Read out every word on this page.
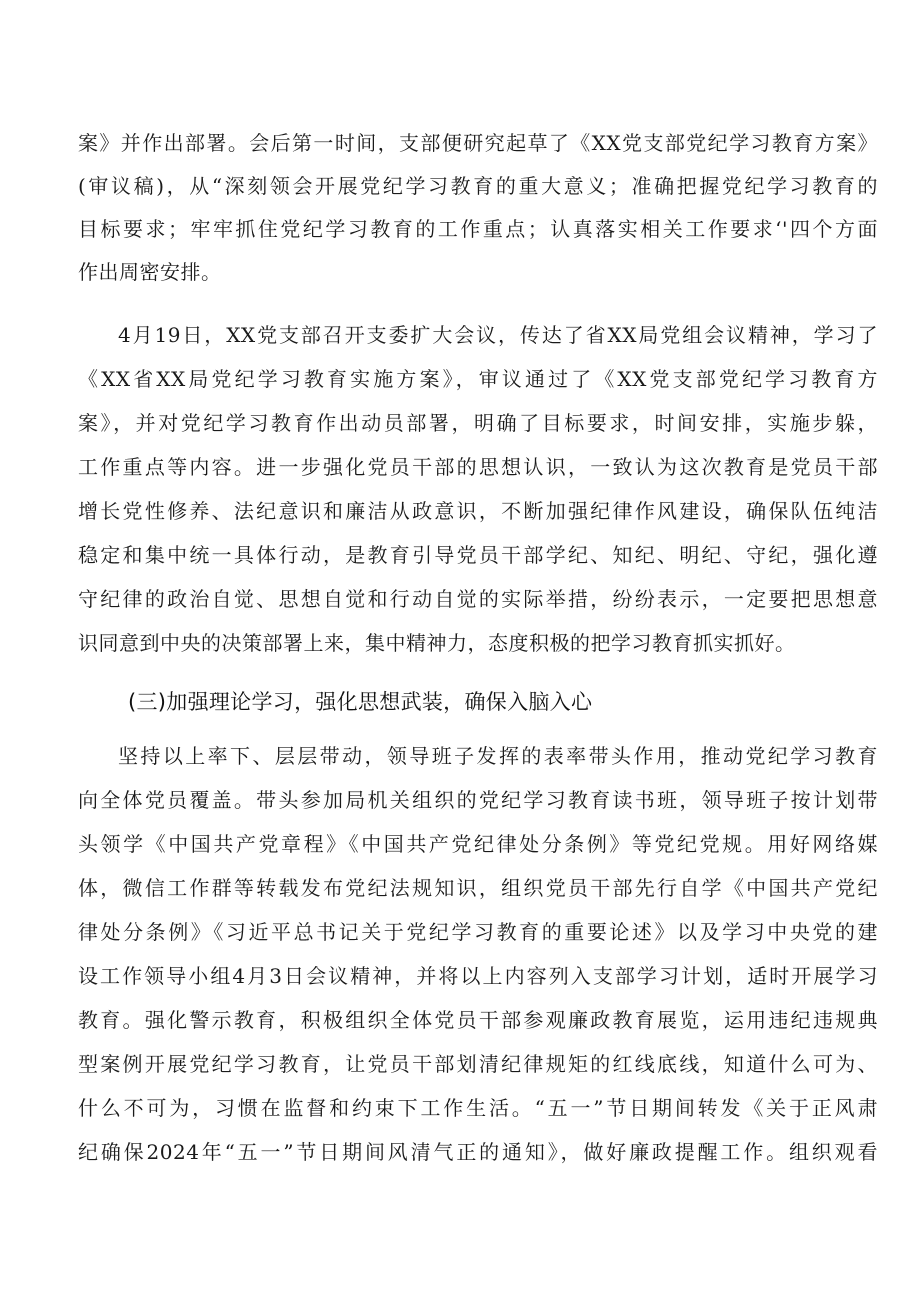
案》并作出部署。会后第一时间，支部便研究起草了《XX党支部党纪学习教育方案》
(审议稿)，从“深刻领会开展党纪学习教育的重大意义；准确把握党纪学习教育的
目标要求；牢牢抓住党纪学习教育的工作重点；认真落实相关工作要求‘'四个方面
作出周密安排。
4月19日，XX党支部召开支委扩大会议，传达了省XX局党组会议精神，学习了
《XX省XX局党纪学习教育实施方案》，审议通过了《XX党支部党纪学习教育方
案》，并对党纪学习教育作出动员部署，明确了目标要求，时间安排，实施步躲，
工作重点等内容。进一步强化党员干部的思想认识，一致认为这次教育是党员干部
增长党性修养、法纪意识和廉洁从政意识，不断加强纪律作风建设，确保队伍纯洁
稳定和集中统一具体行动，是教育引导党员干部学纪、知纪、明纪、守纪，强化遵
守纪律的政治自觉、思想自觉和行动自觉的实际举措，纷纷表示，一定要把思想意
识同意到中央的决策部署上来，集中精神力，态度积极的把学习教育抓实抓好。
(三)加强理论学习，强化思想武装，确保入脑入心
坚持以上率下、层层带动，领导班子发挥的表率带头作用，推动党纪学习教育
向全体党员覆盖。带头参加局机关组织的党纪学习教育读书班，领导班子按计划带
头领学《中国共产党章程》《中国共产党纪律处分条例》等党纪党规。用好网络媒
体，微信工作群等转载发布党纪法规知识，组织党员干部先行自学《中国共产党纪
律处分条例》《习近平总书记关于党纪学习教育的重要论述》以及学习中央党的建
设工作领导小组4月3日会议精神，并将以上内容列入支部学习计划，适时开展学习
教育。强化警示教育，积极组织全体党员干部参观廉政教育展览，运用违纪违规典
型案例开展党纪学习教育，让党员干部划清纪律规矩的红线底线，知道什么可为、
什么不可为，习惯在监督和约束下工作生活。“五一”节日期间转发《关于正风肃
纪确保2024年“五一”节日期间风清气正的通知》，做好廉政提醒工作。组织观看
